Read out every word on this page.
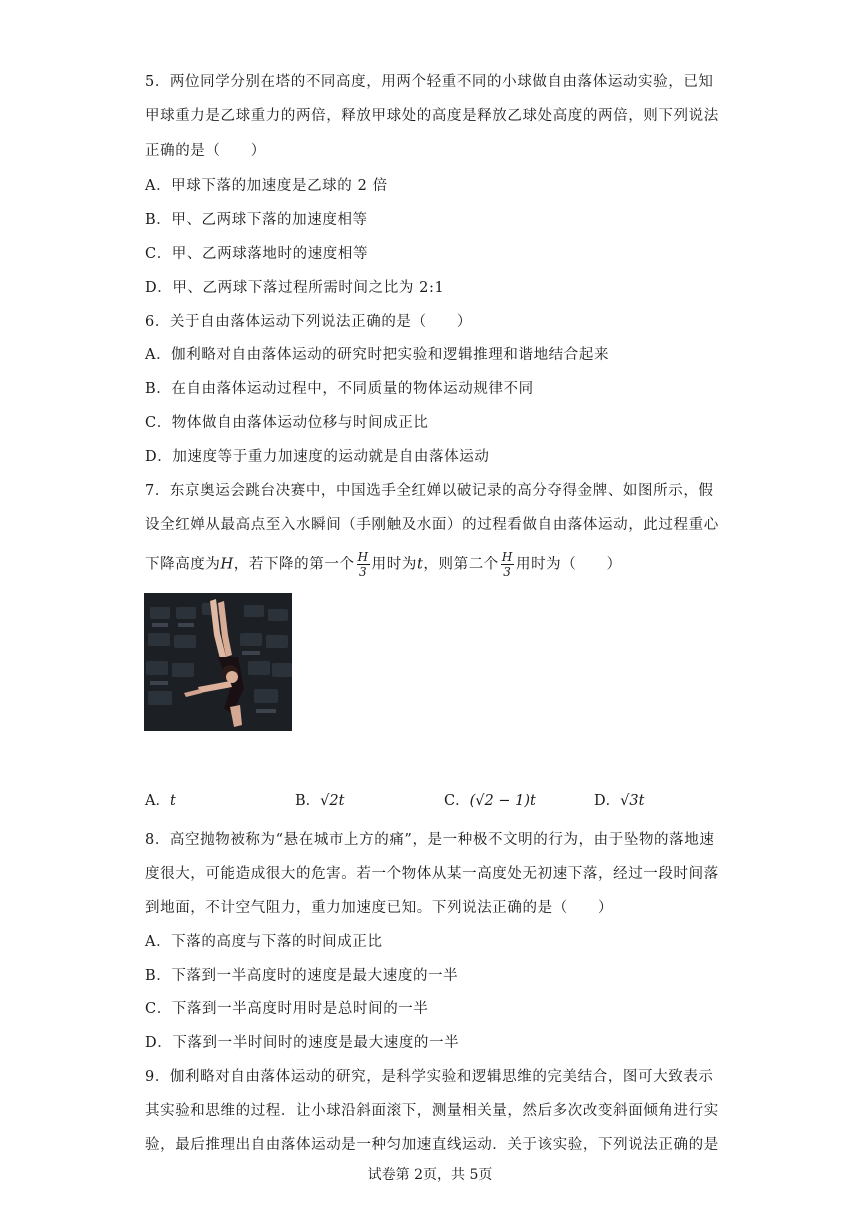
5．两位同学分别在塔的不同高度，用两个轻重不同的小球做自由落体运动实验，已知
甲球重力是乙球重力的两倍，释放甲球处的高度是释放乙球处高度的两倍，则下列说法
正确的是（　　）
A．甲球下落的加速度是乙球的 2 倍
B．甲、乙两球下落的加速度相等
C．甲、乙两球落地时的速度相等
D．甲、乙两球下落过程所需时间之比为 2:1
6．关于自由落体运动下列说法正确的是（　　）
A．伽利略对自由落体运动的研究时把实验和逻辑推理和谐地结合起来
B．在自由落体运动过程中，不同质量的物体运动规律不同
C．物体做自由落体运动位移与时间成正比
D．加速度等于重力加速度的运动就是自由落体运动
7．东京奥运会跳台决赛中，中国选手全红婵以破记录的高分夺得金牌、如图所示，假
设全红婵从最高点至入水瞬间（手刚触及水面）的过程看做自由落体运动，此过程重心
下降高度为H，若下降的第一个 $\frac{H}{3}$ 用时为t，则第二个 $\frac{H}{3}$ 用时为（　　）
A．t	B．√2t	C．(√2 − 1)t	D．√3t
8．高空抛物被称为“悬在城市上方的痛”，是一种极不文明的行为，由于坠物的落地速
度很大，可能造成很大的危害。若一个物体从某一高度处无初速下落，经过一段时间落
到地面，不计空气阻力，重力加速度已知。下列说法正确的是（　　）
A．下落的高度与下落的时间成正比
B．下落到一半高度时的速度是最大速度的一半
C．下落到一半高度时用时是总时间的一半
D．下落到一半时间时的速度是最大速度的一半
9．伽利略对自由落体运动的研究，是科学实验和逻辑思维的完美结合，图可大致表示
其实验和思维的过程．让小球沿斜面滚下，测量相关量，然后多次改变斜面倾角进行实
验，最后推理出自由落体运动是一种匀加速直线运动．关于该实验，下列说法正确的是
试卷第 2页，共 5页
